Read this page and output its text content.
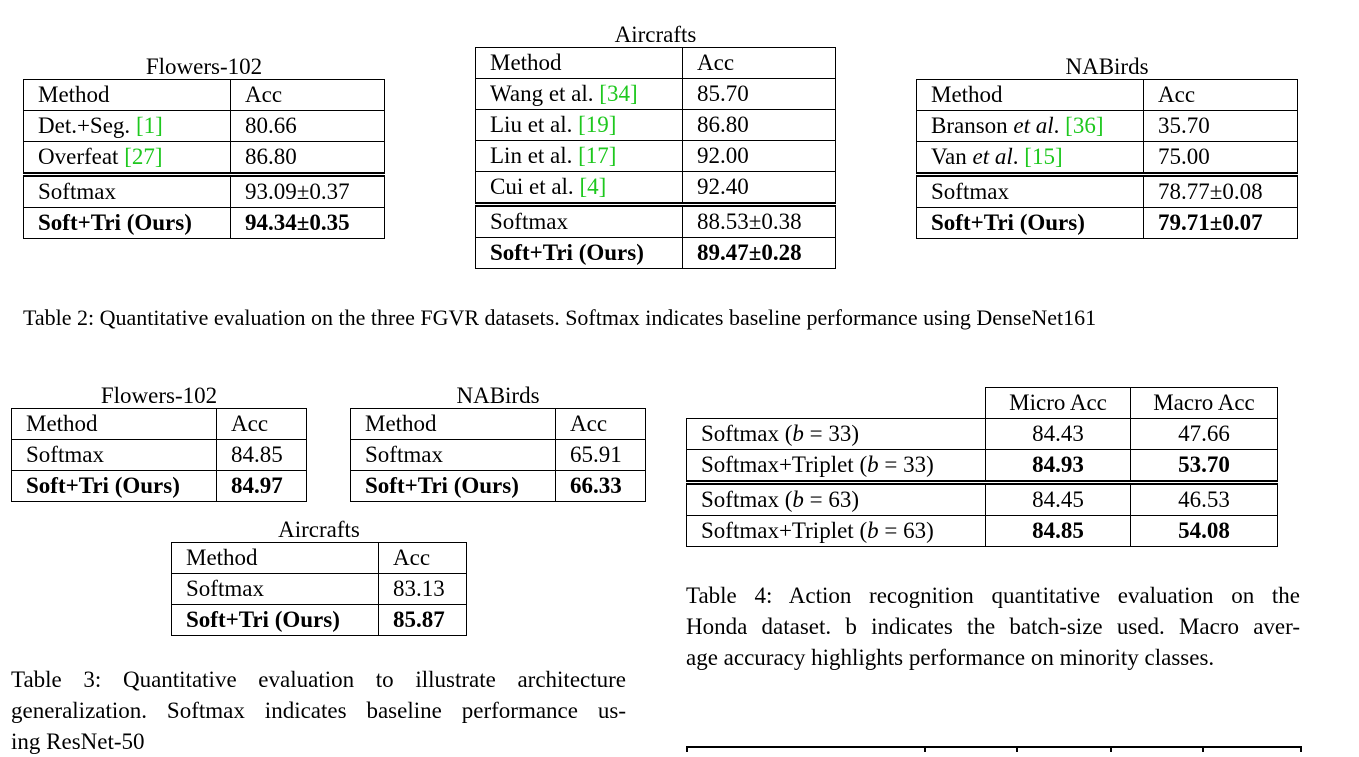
Flowers-102
Method	Acc
Det.+Seg. [1]	80.66
Overfeat [27]	86.80
Softmax	93.09±0.37
Soft+Tri (Ours)	94.34±0.35
Aircrafts
Method	Acc
Wang et al. [34]	85.70
Liu et al. [19]	86.80
Lin et al. [17]	92.00
Cui et al. [4]	92.40
Softmax	88.53±0.38
Soft+Tri (Ours)	89.47±0.28
NABirds
Method	Acc
Branson et al. [36]	35.70
Van et al. [15]	75.00
Softmax	78.77±0.08
Soft+Tri (Ours)	79.71±0.07
Table 2: Quantitative evaluation on the three FGVR datasets. Softmax indicates baseline performance using DenseNet161
Flowers-102
Method	Acc
Softmax	84.85
Soft+Tri (Ours)	84.97
NABirds
Method	Acc
Softmax	65.91
Soft+Tri (Ours)	66.33
Aircrafts
Method	Acc
Softmax	83.13
Soft+Tri (Ours)	85.87
Table 3: Quantitative evaluation to illustrate architecture
generalization. Softmax indicates baseline performance us-
ing ResNet-50
	Micro Acc	Macro Acc
Softmax (b = 33)	84.43	47.66
Softmax+Triplet (b = 33)	84.93	53.70
Softmax (b = 63)	84.45	46.53
Softmax+Triplet (b = 63)	84.85	54.08
Table 4: Action recognition quantitative evaluation on the
Honda dataset. b indicates the batch-size used. Macro aver-
age accuracy highlights performance on minority classes.
